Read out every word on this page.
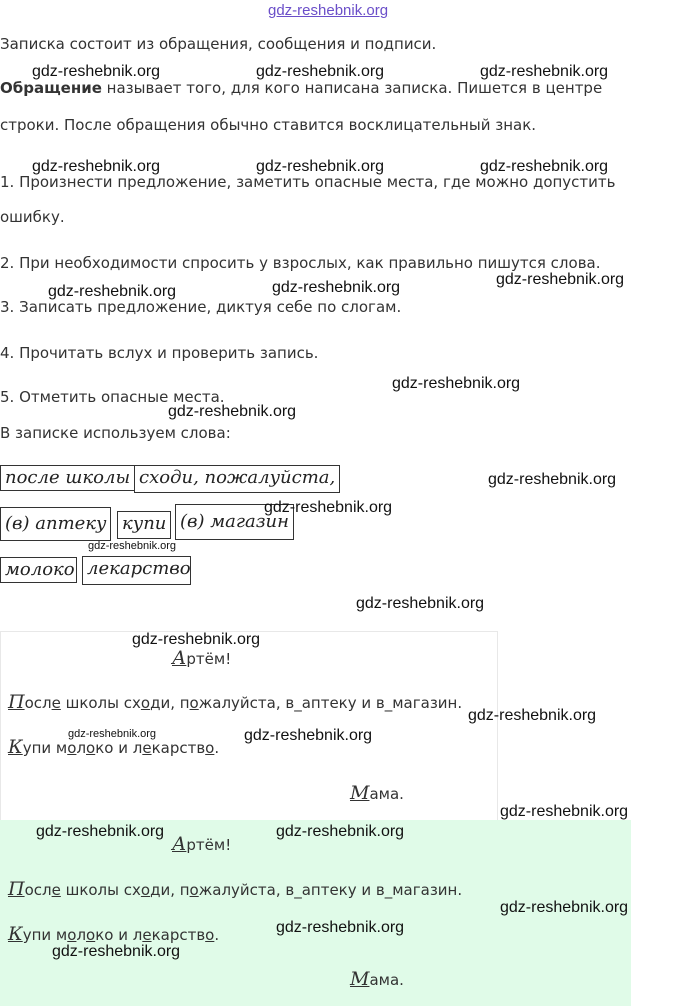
gdz-reshebnik.org
Записка состоит из обращения, сообщения и подписи.
Обращение называет того, для кого написана записка. Пишется в центре
строки. После обращения обычно ставится восклицательный знак.
1. Произнести предложение, заметить опасные места, где можно допустить
ошибку.
2. При необходимости спросить у взрослых, как правильно пишутся слова.
3. Записать предложение, диктуя себе по слогам.
4. Прочитать вслух и проверить запись.
5. Отметить опасные места.
В записке используем слова:
после школы сходи, пожалуйста,
(в) аптеку купи (в) магазин
молоко лекарство
Артём!
После школы сходи, пожалуйста, в_аптеку и в_магазин.
Купи молоко и лекарство.
Мама.
Артём!
После школы сходи, пожалуйста, в_аптеку и в_магазин.
Купи молоко и лекарство.
Мама.
gdz-reshebnik.org	gdz-reshebnik.org	gdz-reshebnik.org
gdz-reshebnik.org	gdz-reshebnik.org	gdz-reshebnik.org
gdz-reshebnik.org
gdz-reshebnik.org
gdz-reshebnik.org
gdz-reshebnik.org
gdz-reshebnik.org
gdz-reshebnik.org
gdz-reshebnik.org
gdz-reshebnik.org
gdz-reshebnik.org
gdz-reshebnik.org
gdz-reshebnik.org
gdz-reshebnik.org	gdz-reshebnik.org
gdz-reshebnik.org
gdz-reshebnik.org	gdz-reshebnik.org
gdz-reshebnik.org
gdz-reshebnik.org
gdz-reshebnik.org
